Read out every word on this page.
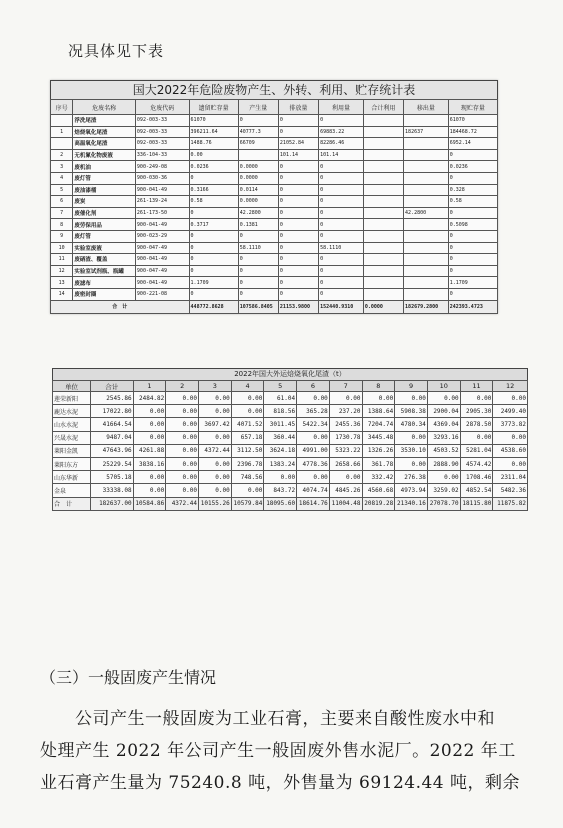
况具体见下表
国大2022年危险废物产生、外转、利用、贮存统计表
序号	危废名称	危废代码	遗留贮存量	产生量	排放量	利用量	合计利用	移出量	现贮存量
	浮洗尾渣	092-003-33	61070	0	0	0			61070
1	焙烧氧化尾渣	092-003-33	396211.64	40777.3	0	69883.22		182637	184468.72
	高温氧化尾渣	092-003-33	1488.76	66709	21052.84	82286.46			6952.14
2	无机氰化物废液	336-104-33	0.00		101.14	101.14			0
3	废机油	900-249-08	0.0236	0.0000	0	0			0.0236
4	废灯管	900-030-36	0	0.0000	0	0			0
5	废油漆桶	900-041-49	0.3166	0.0114	0	0			0.328
6	废炭	261-139-24	0.58	0.0000	0	0			0.58
7	废催化剂	261-173-50	0	42.2800	0	0		42.2800	0
8	废劳保用品	900-041-49	0.3717	0.1381	0	0			0.5098
9	废灯管	900-023-29	0	0	0	0			0
10	实验室废液	900-047-49	0	58.1110	0	58.1110			0
11	废硒渣、覆盖	900-041-49	0	0	0	0			0
12	实验室试剂瓶、瓶罐	900-047-49	0	0	0	0			0
13	废滤布	900-041-49	1.1709	0	0	0			1.1709
14	废密封圈	900-221-08	0	0	0	0			0
合　计			448772.8628	107586.8405	21153.9800	152440.9310	0.0000	182679.2800	242393.4723
2022年国大外运焙烧氧化尾渣（t）
单位	合计	1	2	3	4	5	6	7	8	9	10	11	12
莲荣新阳	2545.86	2484.82	0.00	0.00	0.00	61.04	0.00	0.00	0.00	0.00	0.00	0.00	0.00
鹿达水泥	17022.80	0.00	0.00	0.00	0.00	818.56	365.28	237.20	1388.64	5908.38	2900.04	2905.30	2499.40
山水水泥	41664.54	0.00	0.00	3697.42	4071.52	3011.45	5422.34	2455.36	7204.74	4780.34	4369.04	2878.50	3773.82
兴晟水泥	9487.04	0.00	0.00	0.00	657.18	360.44	0.00	1730.78	3445.48	0.00	3293.16	0.00	0.00
莱阳金凯	47643.96	4261.88	0.00	4372.44	3112.50	3624.18	4991.00	5323.22	1326.26	3530.10	4503.52	5281.04	4538.60
莱阳东方	25229.54	3838.16	0.00	0.00	2396.78	1383.24	4778.36	2658.66	361.78	0.00	2888.90	4574.42	0.00
山东华新	5705.18	0.00	0.00	0.00	748.56	0.00	0.00	0.00	332.42	276.38	0.00	1708.46	2311.04
金泉	33338.08	0.00	0.00	0.00	0.00	843.72	4074.74	4845.26	4560.68	4973.94	3259.02	4852.54	5482.36
合　计	182637.00	10584.86	4372.44	10155.26	10579.84	18095.60	18614.76	11004.48	20819.28	21340.16	27078.70	18115.80	11875.82
（三）一般固废产生情况

　　公司产生一般固废为工业石膏，主要来自酸性废水中和

处理产生 2022 年公司产生一般固废外售水泥厂。2022 年工

业石膏产生量为 75240.8 吨，外售量为 69124.44 吨，剩余
